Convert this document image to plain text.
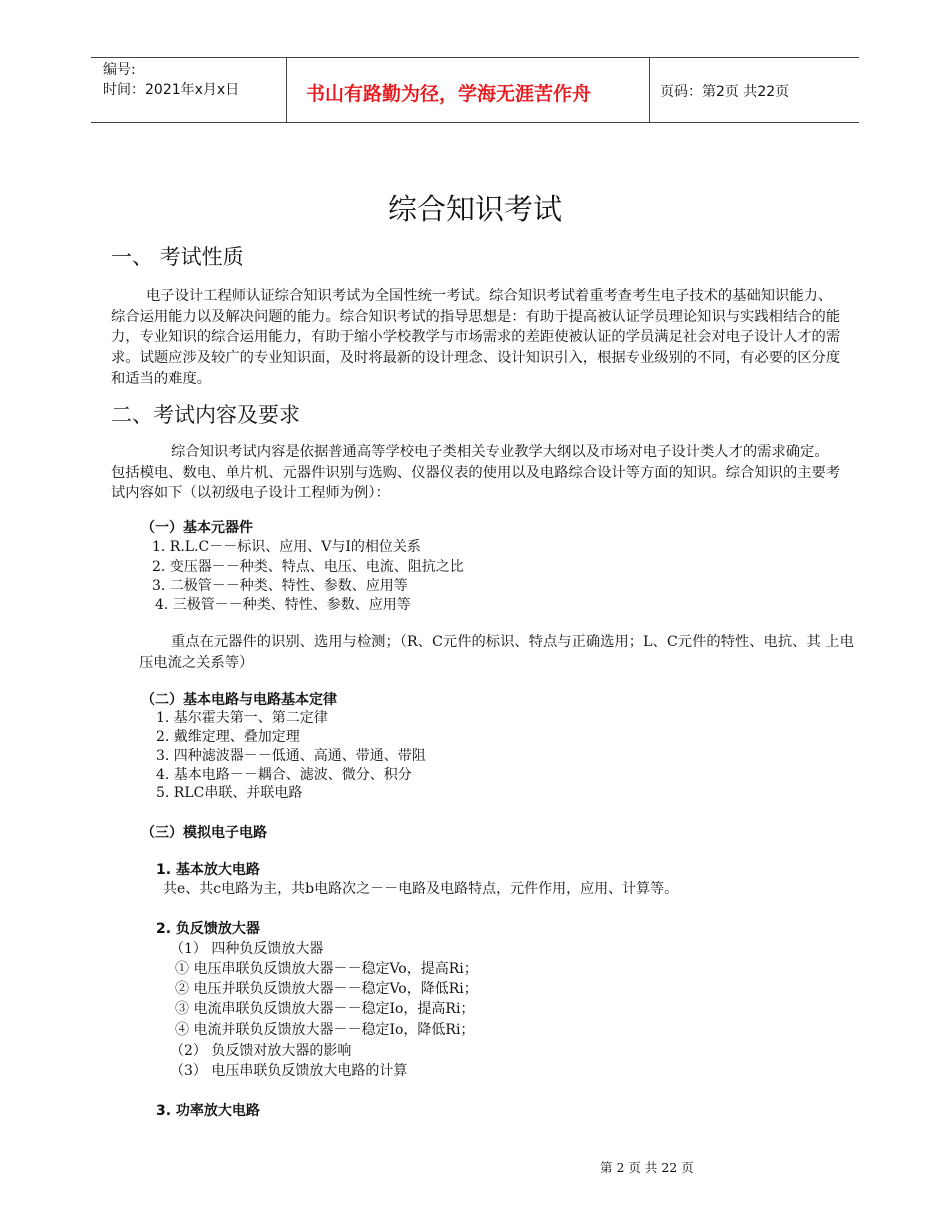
编号:
时间：2021年x月x日	书山有路勤为径，学海无涯苦作舟	页码：第2页 共22页
综合知识考试
一、 考试性质
电子设计工程师认证综合知识考试为全国性统一考试。综合知识考试着重考查考生电子技术的基础知识能力、综合运用能力以及解决问题的能力。综合知识考试的指导思想是：有助于提高被认证学员理论知识与实践相结合的能力，专业知识的综合运用能力，有助于缩小学校教学与市场需求的差距使被认证的学员满足社会对电子设计人才的需求。试题应涉及较广的专业知识面，及时将最新的设计理念、设计知识引入，根据专业级别的不同，有必要的区分度和适当的难度。
二、考试内容及要求
综合知识考试内容是依据普通高等学校电子类相关专业教学大纲以及市场对电子设计类人才的需求确定。包括模电、数电、单片机、元器件识别与选购、仪器仪表的使用以及电路综合设计等方面的知识。综合知识的主要考试内容如下（以初级电子设计工程师为例）：
（一）基本元器件
1. R.L.C－－标识、应用、V与I的相位关系
2. 变压器－－种类、特点、电压、电流、阻抗之比
3. 二极管－－种类、特性、参数、应用等
4. 三极管－－种类、特性、参数、应用等
重点在元器件的识别、选用与检测；（R、C元件的标识、特点与正确选用；L、C元件的特性、电抗、其 上电压电流之关系等）
（二）基本电路与电路基本定律
1. 基尔霍夫第一、第二定律
2. 戴维定理、叠加定理
3. 四种滤波器－－低通、高通、带通、带阻
4. 基本电路－－耦合、滤波、微分、积分
5. RLC串联、并联电路
（三）模拟电子电路
1. 基本放大电路
共e、共c电路为主，共b电路次之－－电路及电路特点，元件作用，应用、计算等。
2. 负反馈放大器
（1） 四种负反馈放大器
① 电压串联负反馈放大器－－稳定Vo，提高Ri；
② 电压并联负反馈放大器－－稳定Vo，降低Ri；
③ 电流串联负反馈放大器－－稳定Io，提高Ri；
④ 电流并联负反馈放大器－－稳定Io，降低Ri；
（2） 负反馈对放大器的影响
（3） 电压串联负反馈放大电路的计算
3. 功率放大电路
第 2 页 共 22 页
